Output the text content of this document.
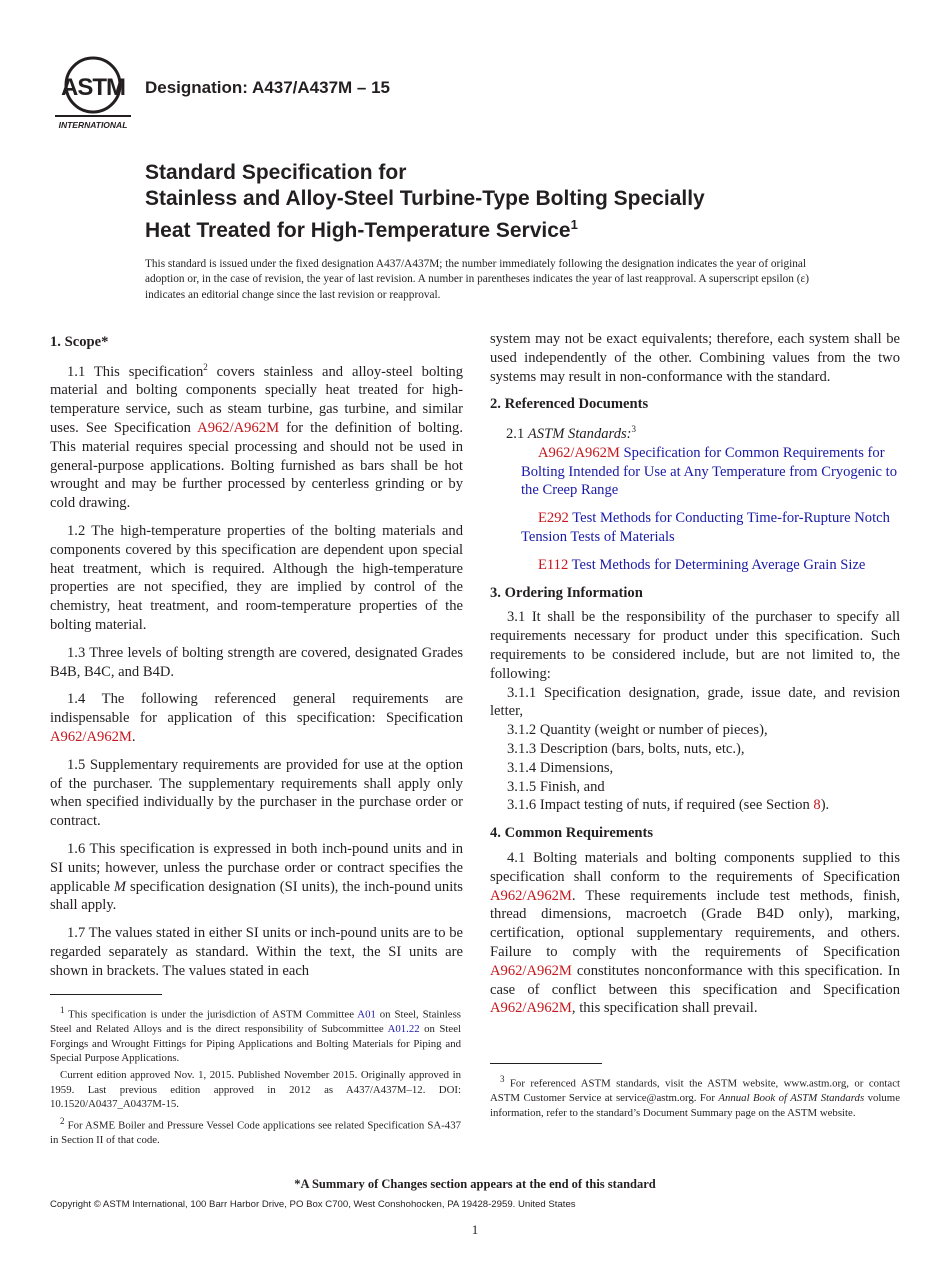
ASTM
INTERNATIONAL
Designation: A437/A437M – 15
Standard Specification for
Stainless and Alloy-Steel Turbine-Type Bolting Specially
Heat Treated for High-Temperature Service$^1$
This standard is issued under the fixed designation A437/A437M; the number immediately following the designation indicates the year of original adoption or, in the case of revision, the year of last revision. A number in parentheses indicates the year of last reapproval. A superscript epsilon (ε) indicates an editorial change since the last revision or reapproval.
1. Scope*

1.1 This specification$^2$ covers stainless and alloy-steel bolting material and bolting components specially heat treated for high-temperature service, such as steam turbine, gas turbine, and similar uses. See Specification A962/A962M for the definition of bolting. This material requires special processing and should not be used in general-purpose applications. Bolting furnished as bars shall be hot wrought and may be further processed by centerless grinding or by cold drawing.

1.2 The high-temperature properties of the bolting materials and components covered by this specification are dependent upon special heat treatment, which is required. Although the high-temperature properties are not specified, they are implied by control of the chemistry, heat treatment, and room-temperature properties of the bolting material.

1.3 Three levels of bolting strength are covered, designated Grades B4B, B4C, and B4D.

1.4 The following referenced general requirements are indispensable for application of this specification: Specification A962/A962M.

1.5 Supplementary requirements are provided for use at the option of the purchaser. The supplementary requirements shall apply only when specified individually by the purchaser in the purchase order or contract.

1.6 This specification is expressed in both inch-pound units and in SI units; however, unless the purchase order or contract specifies the applicable M specification designation (SI units), the inch-pound units shall apply.

1.7 The values stated in either SI units or inch-pound units are to be regarded separately as standard. Within the text, the SI units are shown in brackets. The values stated in each

$^1$ This specification is under the jurisdiction of ASTM Committee A01 on Steel, Stainless Steel and Related Alloys and is the direct responsibility of Subcommittee A01.22 on Steel Forgings and Wrought Fittings for Piping Applications and Bolting Materials for Piping and Special Purpose Applications.

Current edition approved Nov. 1, 2015. Published November 2015. Originally approved in 1959. Last previous edition approved in 2012 as A437/A437M–12. DOI: 10.1520/A0437_A0437M-15.

$^2$ For ASME Boiler and Pressure Vessel Code applications see related Specification SA-437 in Section II of that code.

system may not be exact equivalents; therefore, each system shall be used independently of the other. Combining values from the two systems may result in non-conformance with the standard.

2. Referenced Documents

2.1 ASTM Standards:$^3$

A962/A962M Specification for Common Requirements for Bolting Intended for Use at Any Temperature from Cryogenic to the Creep Range

E292 Test Methods for Conducting Time-for-Rupture Notch Tension Tests of Materials

E112 Test Methods for Determining Average Grain Size

3. Ordering Information

3.1 It shall be the responsibility of the purchaser to specify all requirements necessary for product under this specification. Such requirements to be considered include, but are not limited to, the following:

3.1.1 Specification designation, grade, issue date, and revision letter,

3.1.2 Quantity (weight or number of pieces),

3.1.3 Description (bars, bolts, nuts, etc.),

3.1.4 Dimensions,

3.1.5 Finish, and

3.1.6 Impact testing of nuts, if required (see Section 8).

4. Common Requirements

4.1 Bolting materials and bolting components supplied to this specification shall conform to the requirements of Specification A962/A962M. These requirements include test methods, finish, thread dimensions, macroetch (Grade B4D only), marking, certification, optional supplementary requirements, and others. Failure to comply with the requirements of Specification A962/A962M constitutes nonconformance with this specification. In case of conflict between this specification and Specification A962/A962M, this specification shall prevail.

$^3$ For referenced ASTM standards, visit the ASTM website, www.astm.org, or contact ASTM Customer Service at service@astm.org. For Annual Book of ASTM Standards volume information, refer to the standard’s Document Summary page on the ASTM website.

*A Summary of Changes section appears at the end of this standard
Copyright © ASTM International, 100 Barr Harbor Drive, PO Box C700, West Conshohocken, PA 19428-2959. United States
1
